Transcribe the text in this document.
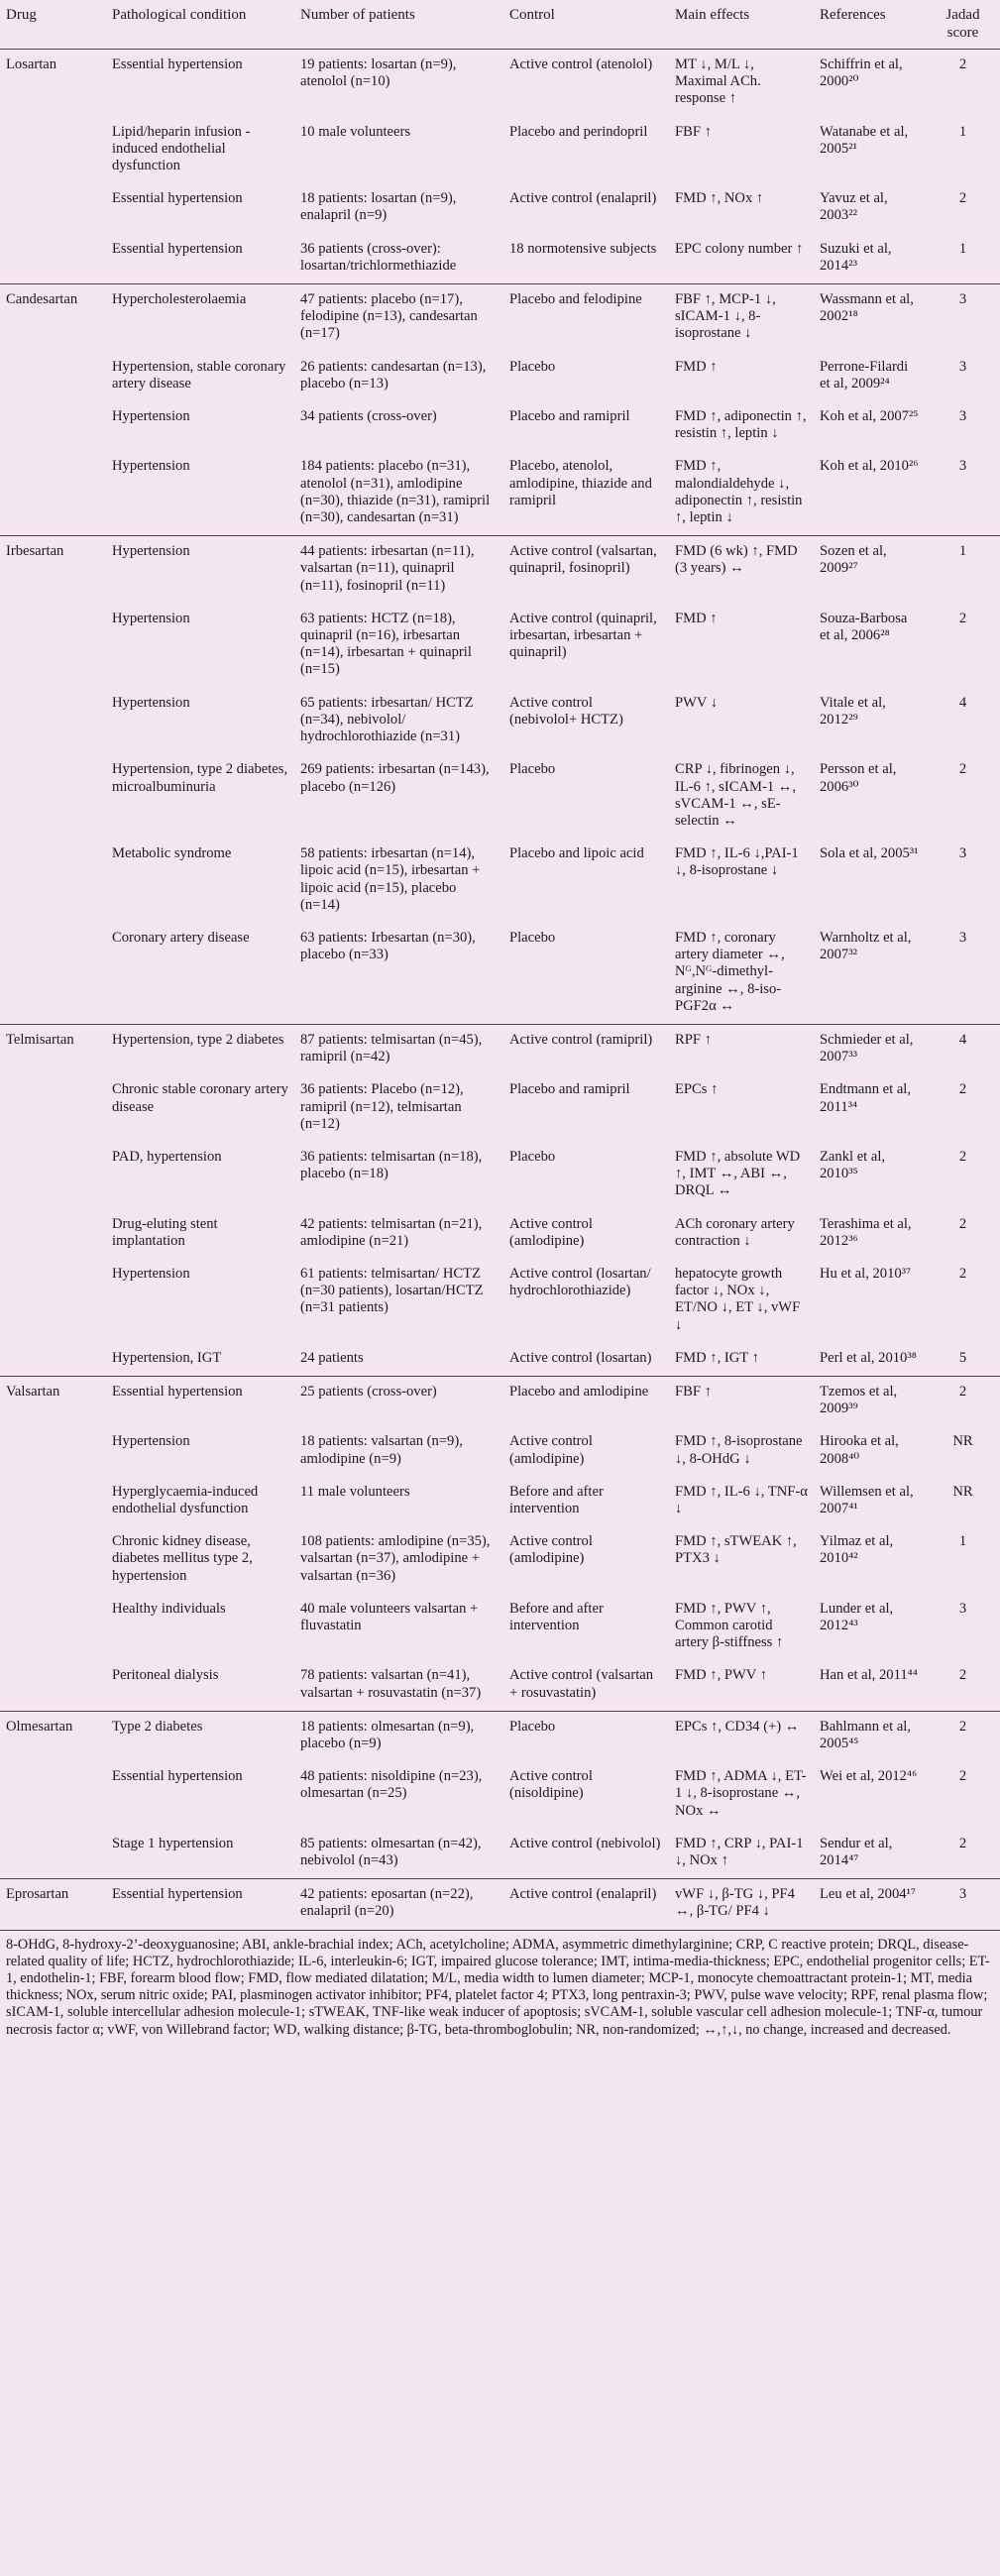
Drug	Pathological condition	Number of patients	Control	Main effects	References	Jadad score
Losartan	Essential hypertension	19 patients: losartan (n=9), atenolol (n=10)	Active control (atenolol)	MT ↓, M/L ↓, Maximal ACh. response ↑	Schiffrin et al, 2000²⁰	2
	Lipid/heparin infusion - induced endothelial dysfunction	10 male volunteers	Placebo and perindopril	FBF ↑	Watanabe et al, 2005²¹	1
	Essential hypertension	18 patients: losartan (n=9), enalapril (n=9)	Active control (enalapril)	FMD ↑, NOx ↑	Yavuz et al, 2003²²	2
	Essential hypertension	36 patients (cross-over): losartan/trichlormethiazide	18 normotensive subjects	EPC colony number ↑	Suzuki et al, 2014²³	1
Candesartan	Hypercholesterolaemia	47 patients: placebo (n=17), felodipine (n=13), candesartan (n=17)	Placebo and felodipine	FBF ↑, MCP-1 ↓, sICAM-1 ↓, 8-isoprostane ↓	Wassmann et al, 2002¹⁸	3
	Hypertension, stable coronary artery disease	26 patients: candesartan (n=13), placebo (n=13)	Placebo	FMD ↑	Perrone-Filardi et al, 2009²⁴	3
	Hypertension	34 patients (cross-over)	Placebo and ramipril	FMD ↑, adiponectin ↑, resistin ↑, leptin ↓	Koh et al, 2007²⁵	3
	Hypertension	184 patients: placebo (n=31), atenolol (n=31), amlodipine (n=30), thiazide (n=31), ramipril (n=30), candesartan (n=31)	Placebo, atenolol, amlodipine, thiazide and ramipril	FMD ↑, malondialdehyde ↓, adiponectin ↑, resistin ↑, leptin ↓	Koh et al, 2010²⁶	3
Irbesartan	Hypertension	44 patients: irbesartan (n=11), valsartan (n=11), quinapril (n=11), fosinopril (n=11)	Active control (valsartan, quinapril, fosinopril)	FMD (6 wk) ↑, FMD (3 years) ↔	Sozen et al, 2009²⁷	1
	Hypertension	63 patients: HCTZ (n=18), quinapril (n=16), irbesartan (n=14), irbesartan + quinapril (n=15)	Active control (quinapril, irbesartan, irbesartan + quinapril)	FMD ↑	Souza-Barbosa et al, 2006²⁸	2
	Hypertension	65 patients: irbesartan/ HCTZ (n=34), nebivolol/ hydrochlorothiazide (n=31)	Active control (nebivolol+ HCTZ)	PWV ↓	Vitale et al, 2012²⁹	4
	Hypertension, type 2 diabetes, microalbuminuria	269 patients: irbesartan (n=143), placebo (n=126)	Placebo	CRP ↓, fibrinogen ↓, IL-6 ↑, sICAM-1 ↔, sVCAM-1 ↔, sE-selectin ↔	Persson et al, 2006³⁰	2
	Metabolic syndrome	58 patients: irbesartan (n=14), lipoic acid (n=15), irbesartan + lipoic acid (n=15), placebo (n=14)	Placebo and lipoic acid	FMD ↑, IL-6 ↓,PAI-1 ↓, 8-isoprostane ↓	Sola et al, 2005³¹	3
	Coronary artery disease	63 patients: Irbesartan (n=30), placebo (n=33)	Placebo	FMD ↑, coronary artery diameter ↔, Nᴳ,Nᴳ-dimethyl-arginine ↔, 8-iso-PGF2α ↔	Warnholtz et al, 2007³²	3
Telmisartan	Hypertension, type 2 diabetes	87 patients: telmisartan (n=45), ramipril (n=42)	Active control (ramipril)	RPF ↑	Schmieder et al, 2007³³	4
	Chronic stable coronary artery disease	36 patients: Placebo (n=12), ramipril (n=12), telmisartan (n=12)	Placebo and ramipril	EPCs ↑	Endtmann et al, 2011³⁴	2
	PAD, hypertension	36 patients: telmisartan (n=18), placebo (n=18)	Placebo	FMD ↑, absolute WD ↑, IMT ↔, ABI ↔, DRQL ↔	Zankl et al, 2010³⁵	2
	Drug-eluting stent implantation	42 patients: telmisartan (n=21), amlodipine (n=21)	Active control (amlodipine)	ACh coronary artery contraction ↓	Terashima et al, 2012³⁶	2
	Hypertension	61 patients: telmisartan/ HCTZ (n=30 patients), losartan/HCTZ (n=31 patients)	Active control (losartan/ hydrochlorothiazide)	hepatocyte growth factor ↓, NOx ↓, ET/NO ↓, ET ↓, vWF ↓	Hu et al, 2010³⁷	2
	Hypertension, IGT	24 patients	Active control (losartan)	FMD ↑, IGT ↑	Perl et al, 2010³⁸	5
Valsartan	Essential hypertension	25 patients (cross-over)	Placebo and amlodipine	FBF ↑	Tzemos et al, 2009³⁹	2
	Hypertension	18 patients: valsartan (n=9), amlodipine (n=9)	Active control (amlodipine)	FMD ↑, 8-isoprostane ↓, 8-OHdG ↓	Hirooka et al, 2008⁴⁰	NR
	Hyperglycaemia-induced endothelial dysfunction	11 male volunteers	Before and after intervention	FMD ↑, IL-6 ↓, TNF-α ↓	Willemsen et al, 2007⁴¹	NR
	Chronic kidney disease, diabetes mellitus type 2, hypertension	108 patients: amlodipine (n=35), valsartan (n=37), amlodipine + valsartan (n=36)	Active control (amlodipine)	FMD ↑, sTWEAK ↑, PTX3 ↓	Yilmaz et al, 2010⁴²	1
	Healthy individuals	40 male volunteers valsartan + fluvastatin	Before and after intervention	FMD ↑, PWV ↑, Common carotid artery β-stiffness ↑	Lunder et al, 2012⁴³	3
	Peritoneal dialysis	78 patients: valsartan (n=41), valsartan + rosuvastatin (n=37)	Active control (valsartan + rosuvastatin)	FMD ↑, PWV ↑	Han et al, 2011⁴⁴	2
Olmesartan	Type 2 diabetes	18 patients: olmesartan (n=9), placebo (n=9)	Placebo	EPCs ↑, CD34 (+) ↔	Bahlmann et al, 2005⁴⁵	2
	Essential hypertension	48 patients: nisoldipine (n=23), olmesartan (n=25)	Active control (nisoldipine)	FMD ↑, ADMA ↓, ET-1 ↓, 8-isoprostane ↔, NOx ↔	Wei et al, 2012⁴⁶	2
	Stage 1 hypertension	85 patients: olmesartan (n=42), nebivolol (n=43)	Active control (nebivolol)	FMD ↑, CRP ↓, PAI-1 ↓, NOx ↑	Sendur et al, 2014⁴⁷	2
Eprosartan	Essential hypertension	42 patients: eposartan (n=22), enalapril (n=20)	Active control (enalapril)	vWF ↓, β-TG ↓, PF4 ↔, β-TG/ PF4 ↓	Leu et al, 2004¹⁷	3
8-OHdG, 8-hydroxy-2’-deoxyguanosine; ABI, ankle-brachial index; ACh, acetylcholine; ADMA, asymmetric dimethylarginine; CRP, C reactive protein; DRQL, disease-related quality of life; HCTZ, hydrochlorothiazide; IL-6, interleukin-6; IGT, impaired glucose tolerance; IMT, intima-media-thickness; EPC, endothelial progenitor cells; ET-1, endothelin-1; FBF, forearm blood flow; FMD, flow mediated dilatation; M/L, media width to lumen diameter; MCP-1, monocyte chemoattractant protein-1; MT, media thickness; NOx, serum nitric oxide; PAI, plasminogen activator inhibitor; PF4, platelet factor 4; PTX3, long pentraxin-3; PWV, pulse wave velocity; RPF, renal plasma flow; sICAM-1, soluble intercellular adhesion molecule-1; sTWEAK, TNF-like weak inducer of apoptosis; sVCAM-1, soluble vascular cell adhesion molecule-1; TNF-α, tumour necrosis factor α; vWF, von Willebrand factor; WD, walking distance; β-TG, beta-thromboglobulin; NR, non-randomized; ↔,↑,↓, no change, increased and decreased.
